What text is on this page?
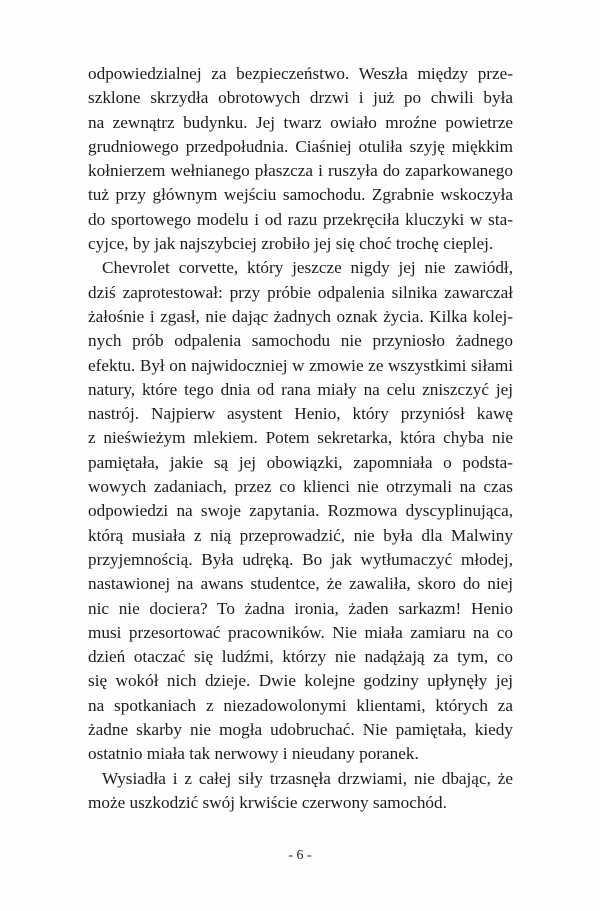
odpowiedzialnej za bezpieczeństwo. Weszła między prze-
szklone skrzydła obrotowych drzwi i już po chwili była
na zewnątrz budynku. Jej twarz owiało mroźne powietrze
grudniowego przedpołudnia. Ciaśniej otuliła szyję miękkim
kołnierzem wełnianego płaszcza i ruszyła do zaparkowanego
tuż przy głównym wejściu samochodu. Zgrabnie wskoczyła
do sportowego modelu i od razu przekręciła kluczyki w sta-
cyjce, by jak najszybciej zrobiło jej się choć trochę cieplej.
Chevrolet corvette, który jeszcze nigdy jej nie zawiódł,
dziś zaprotestował: przy próbie odpalenia silnika zawarczał
żałośnie i zgasł, nie dając żadnych oznak życia. Kilka kolej-
nych prób odpalenia samochodu nie przyniosło żadnego
efektu. Był on najwidoczniej w zmowie ze wszystkimi siłami
natury, które tego dnia od rana miały na celu zniszczyć jej
nastrój. Najpierw asystent Henio, który przyniósł kawę
z nieświeżym mlekiem. Potem sekretarka, która chyba nie
pamiętała, jakie są jej obowiązki, zapomniała o podsta-
wowych zadaniach, przez co klienci nie otrzymali na czas
odpowiedzi na swoje zapytania. Rozmowa dyscyplinująca,
którą musiała z nią przeprowadzić, nie była dla Malwiny
przyjemnością. Była udręką. Bo jak wytłumaczyć młodej,
nastawionej na awans studentce, że zawaliła, skoro do niej
nic nie dociera? To żadna ironia, żaden sarkazm! Henio
musi przesortować pracowników. Nie miała zamiaru na co
dzień otaczać się ludźmi, którzy nie nadążają za tym, co
się wokół nich dzieje. Dwie kolejne godziny upłynęły jej
na spotkaniach z niezadowolonymi klientami, których za
żadne skarby nie mogła udobruchać. Nie pamiętała, kiedy
ostatnio miała tak nerwowy i nieudany poranek.
Wysiadła i z całej siły trzasnęła drzwiami, nie dbając, że
może uszkodzić swój krwiście czerwony samochód.
- 6 -
